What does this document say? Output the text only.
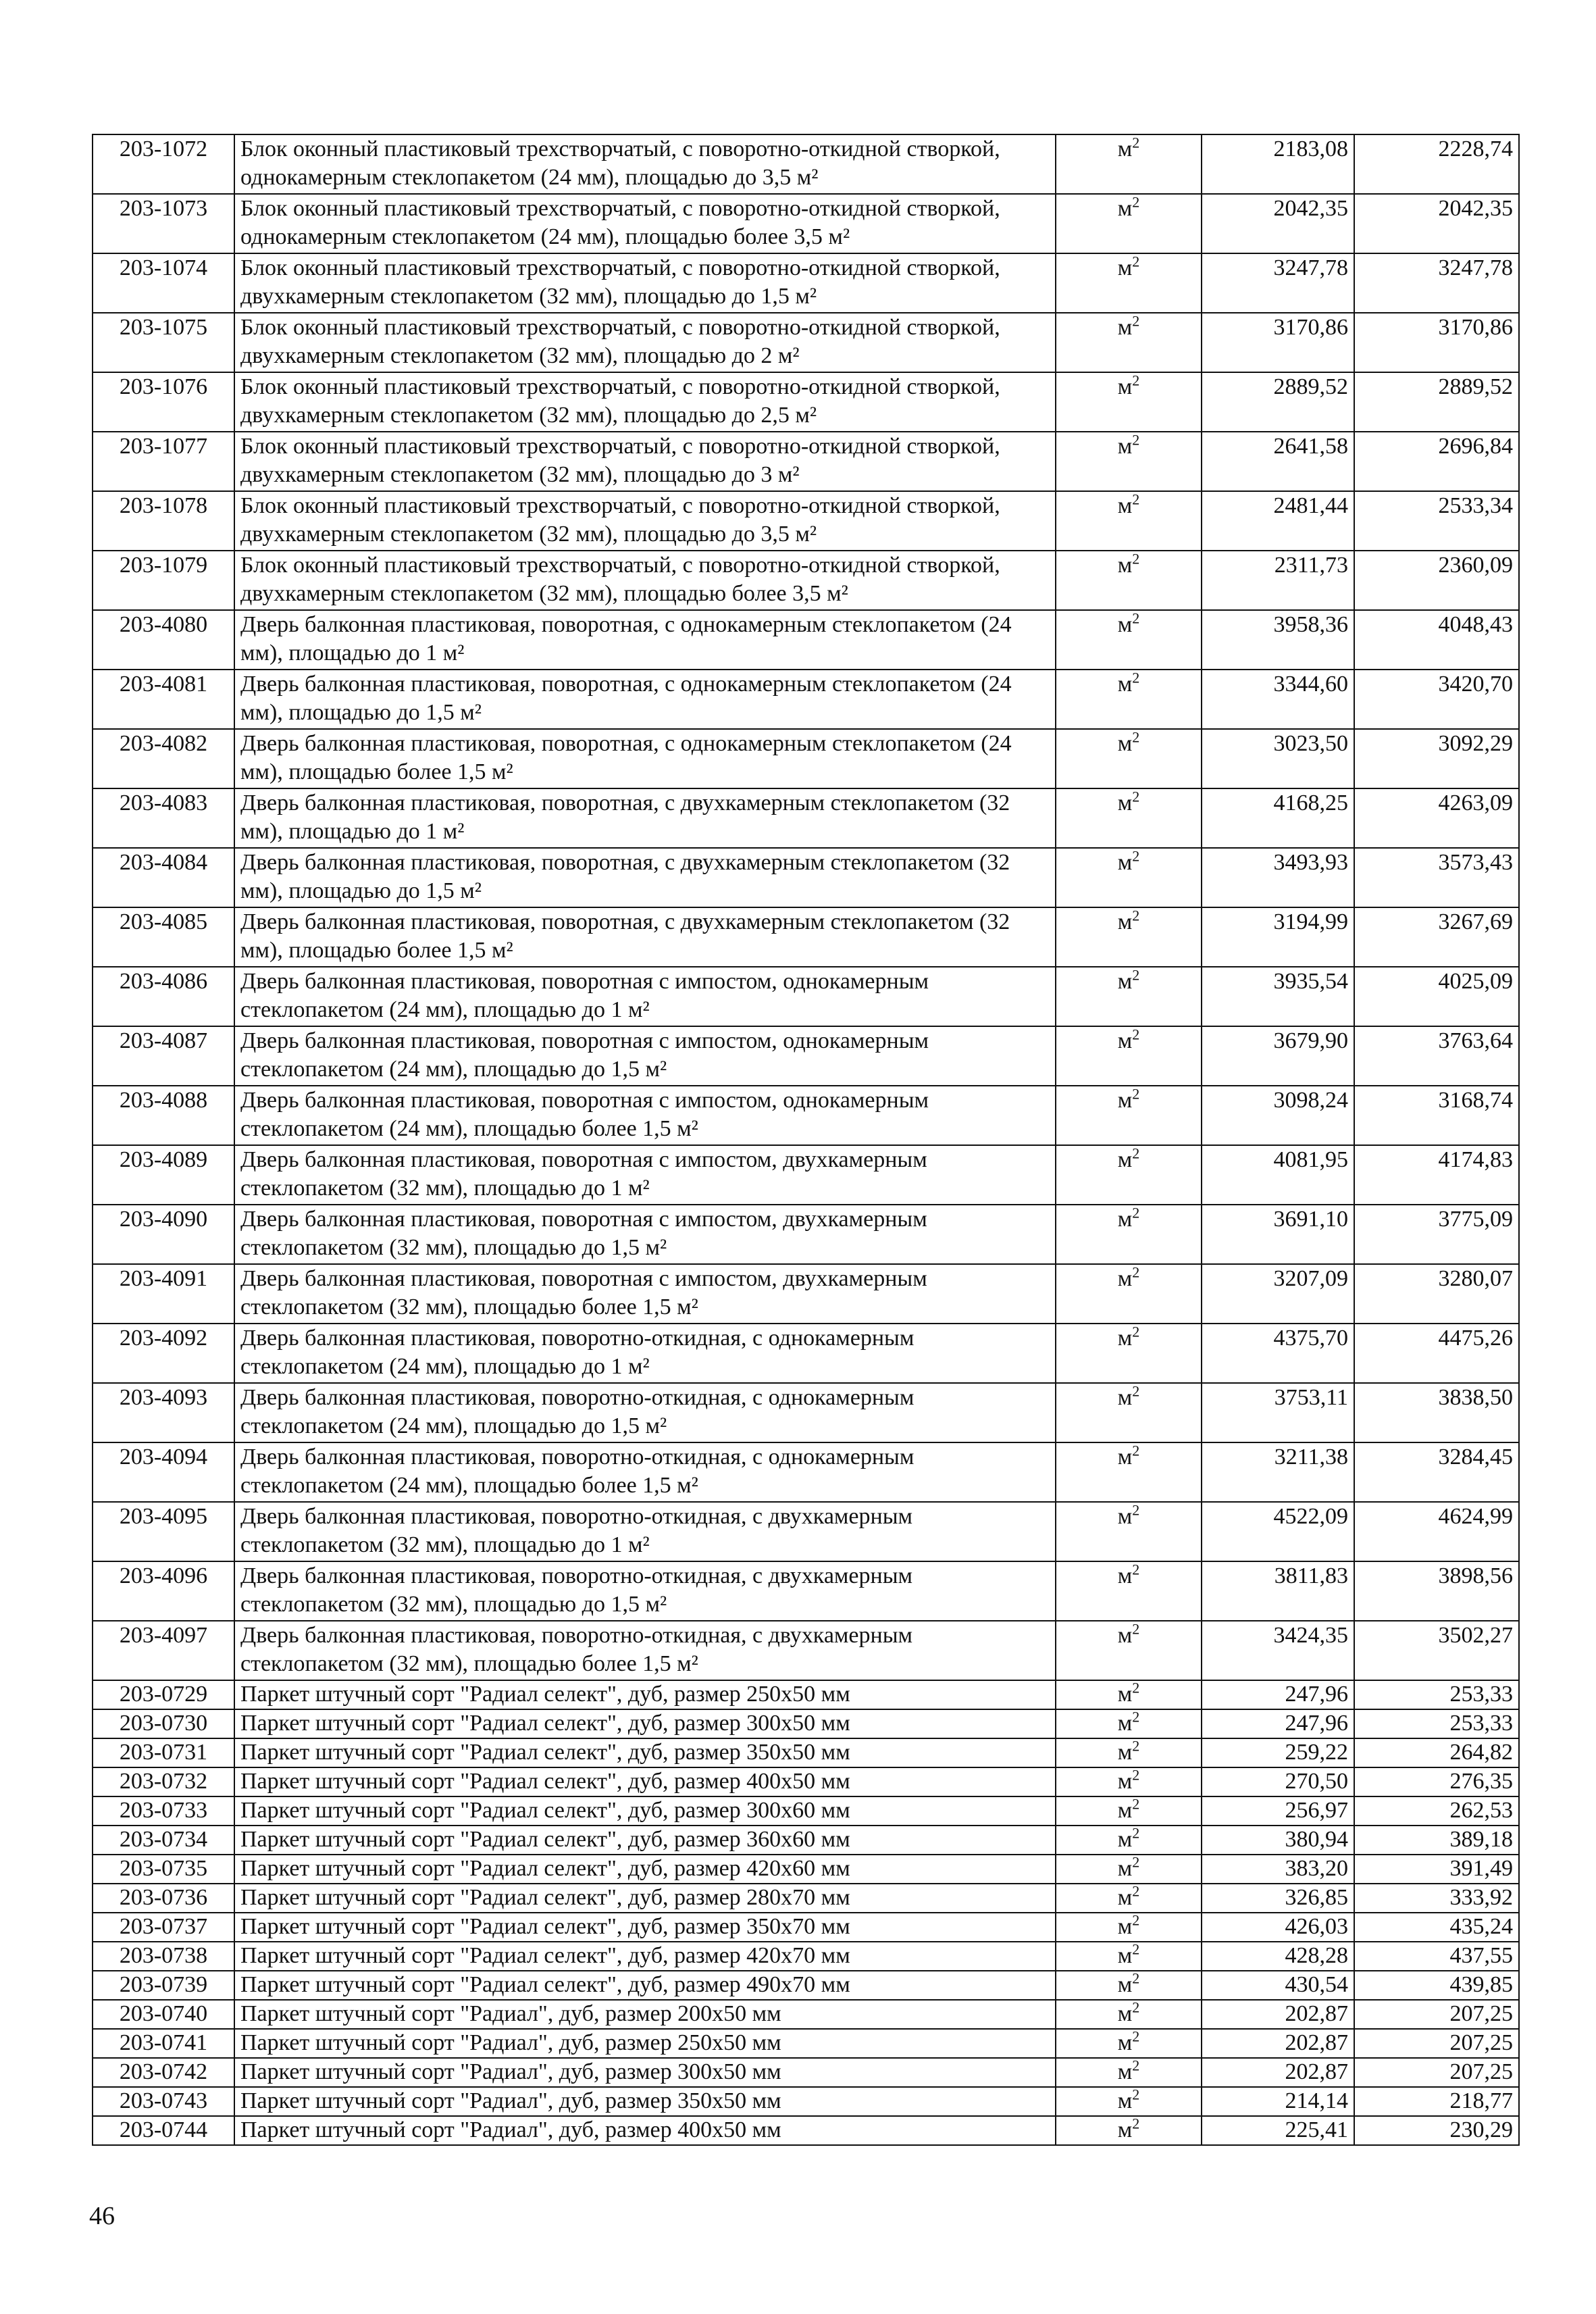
203-1072	Блок оконный пластиковый трехстворчатый, с поворотно-откидной створкой, однокамерным стеклопакетом (24 мм), площадью до 3,5 м²	$м^2$	2183,08	2228,74
203-1073	Блок оконный пластиковый трехстворчатый, с поворотно-откидной створкой, однокамерным стеклопакетом (24 мм), площадью более 3,5 м²	$м^2$	2042,35	2042,35
203-1074	Блок оконный пластиковый трехстворчатый, с поворотно-откидной створкой, двухкамерным стеклопакетом (32 мм), площадью до 1,5 м²	$м^2$	3247,78	3247,78
203-1075	Блок оконный пластиковый трехстворчатый, с поворотно-откидной створкой, двухкамерным стеклопакетом (32 мм), площадью до 2 м²	$м^2$	3170,86	3170,86
203-1076	Блок оконный пластиковый трехстворчатый, с поворотно-откидной створкой, двухкамерным стеклопакетом (32 мм), площадью до 2,5 м²	$м^2$	2889,52	2889,52
203-1077	Блок оконный пластиковый трехстворчатый, с поворотно-откидной створкой, двухкамерным стеклопакетом (32 мм), площадью до 3 м²	$м^2$	2641,58	2696,84
203-1078	Блок оконный пластиковый трехстворчатый, с поворотно-откидной створкой, двухкамерным стеклопакетом (32 мм), площадью до 3,5 м²	$м^2$	2481,44	2533,34
203-1079	Блок оконный пластиковый трехстворчатый, с поворотно-откидной створкой, двухкамерным стеклопакетом (32 мм), площадью более 3,5 м²	$м^2$	2311,73	2360,09
203-4080	Дверь балконная пластиковая, поворотная, с однокамерным стеклопакетом (24 мм), площадью до 1 м²	$м^2$	3958,36	4048,43
203-4081	Дверь балконная пластиковая, поворотная, с однокамерным стеклопакетом (24 мм), площадью до 1,5 м²	$м^2$	3344,60	3420,70
203-4082	Дверь балконная пластиковая, поворотная, с однокамерным стеклопакетом (24 мм), площадью более 1,5 м²	$м^2$	3023,50	3092,29
203-4083	Дверь балконная пластиковая, поворотная, с двухкамерным стеклопакетом (32 мм), площадью до 1 м²	$м^2$	4168,25	4263,09
203-4084	Дверь балконная пластиковая, поворотная, с двухкамерным стеклопакетом (32 мм), площадью до 1,5 м²	$м^2$	3493,93	3573,43
203-4085	Дверь балконная пластиковая, поворотная, с двухкамерным стеклопакетом (32 мм), площадью более 1,5 м²	$м^2$	3194,99	3267,69
203-4086	Дверь балконная пластиковая, поворотная с импостом, однокамерным стеклопакетом (24 мм), площадью до 1 м²	$м^2$	3935,54	4025,09
203-4087	Дверь балконная пластиковая, поворотная с импостом, однокамерным стеклопакетом (24 мм), площадью до 1,5 м²	$м^2$	3679,90	3763,64
203-4088	Дверь балконная пластиковая, поворотная с импостом, однокамерным стеклопакетом (24 мм), площадью более 1,5 м²	$м^2$	3098,24	3168,74
203-4089	Дверь балконная пластиковая, поворотная с импостом, двухкамерным стеклопакетом (32 мм), площадью до 1 м²	$м^2$	4081,95	4174,83
203-4090	Дверь балконная пластиковая, поворотная с импостом, двухкамерным стеклопакетом (32 мм), площадью до 1,5 м²	$м^2$	3691,10	3775,09
203-4091	Дверь балконная пластиковая, поворотная с импостом, двухкамерным стеклопакетом (32 мм), площадью более 1,5 м²	$м^2$	3207,09	3280,07
203-4092	Дверь балконная пластиковая, поворотно-откидная, с однокамерным стеклопакетом (24 мм), площадью до 1 м²	$м^2$	4375,70	4475,26
203-4093	Дверь балконная пластиковая, поворотно-откидная, с однокамерным стеклопакетом (24 мм), площадью до 1,5 м²	$м^2$	3753,11	3838,50
203-4094	Дверь балконная пластиковая, поворотно-откидная, с однокамерным стеклопакетом (24 мм), площадью более 1,5 м²	$м^2$	3211,38	3284,45
203-4095	Дверь балконная пластиковая, поворотно-откидная, с двухкамерным стеклопакетом (32 мм), площадью до 1 м²	$м^2$	4522,09	4624,99
203-4096	Дверь балконная пластиковая, поворотно-откидная, с двухкамерным стеклопакетом (32 мм), площадью до 1,5 м²	$м^2$	3811,83	3898,56
203-4097	Дверь балконная пластиковая, поворотно-откидная, с двухкамерным стеклопакетом (32 мм), площадью более 1,5 м²	$м^2$	3424,35	3502,27
203-0729	Паркет штучный сорт "Радиал селект", дуб, размер 250х50 мм	$м^2$	247,96	253,33
203-0730	Паркет штучный сорт "Радиал селект", дуб, размер 300х50 мм	$м^2$	247,96	253,33
203-0731	Паркет штучный сорт "Радиал селект", дуб, размер 350х50 мм	$м^2$	259,22	264,82
203-0732	Паркет штучный сорт "Радиал селект", дуб, размер 400х50 мм	$м^2$	270,50	276,35
203-0733	Паркет штучный сорт "Радиал селект", дуб, размер 300х60 мм	$м^2$	256,97	262,53
203-0734	Паркет штучный сорт "Радиал селект", дуб, размер 360х60 мм	$м^2$	380,94	389,18
203-0735	Паркет штучный сорт "Радиал селект", дуб, размер 420х60 мм	$м^2$	383,20	391,49
203-0736	Паркет штучный сорт "Радиал селект", дуб, размер 280х70 мм	$м^2$	326,85	333,92
203-0737	Паркет штучный сорт "Радиал селект", дуб, размер 350х70 мм	$м^2$	426,03	435,24
203-0738	Паркет штучный сорт "Радиал селект", дуб, размер 420х70 мм	$м^2$	428,28	437,55
203-0739	Паркет штучный сорт "Радиал селект", дуб, размер 490х70 мм	$м^2$	430,54	439,85
203-0740	Паркет штучный сорт "Радиал", дуб, размер 200х50 мм	$м^2$	202,87	207,25
203-0741	Паркет штучный сорт "Радиал", дуб, размер 250х50 мм	$м^2$	202,87	207,25
203-0742	Паркет штучный сорт "Радиал", дуб, размер 300х50 мм	$м^2$	202,87	207,25
203-0743	Паркет штучный сорт "Радиал", дуб, размер 350х50 мм	$м^2$	214,14	218,77
203-0744	Паркет штучный сорт "Радиал", дуб, размер 400х50 мм	$м^2$	225,41	230,29
46
